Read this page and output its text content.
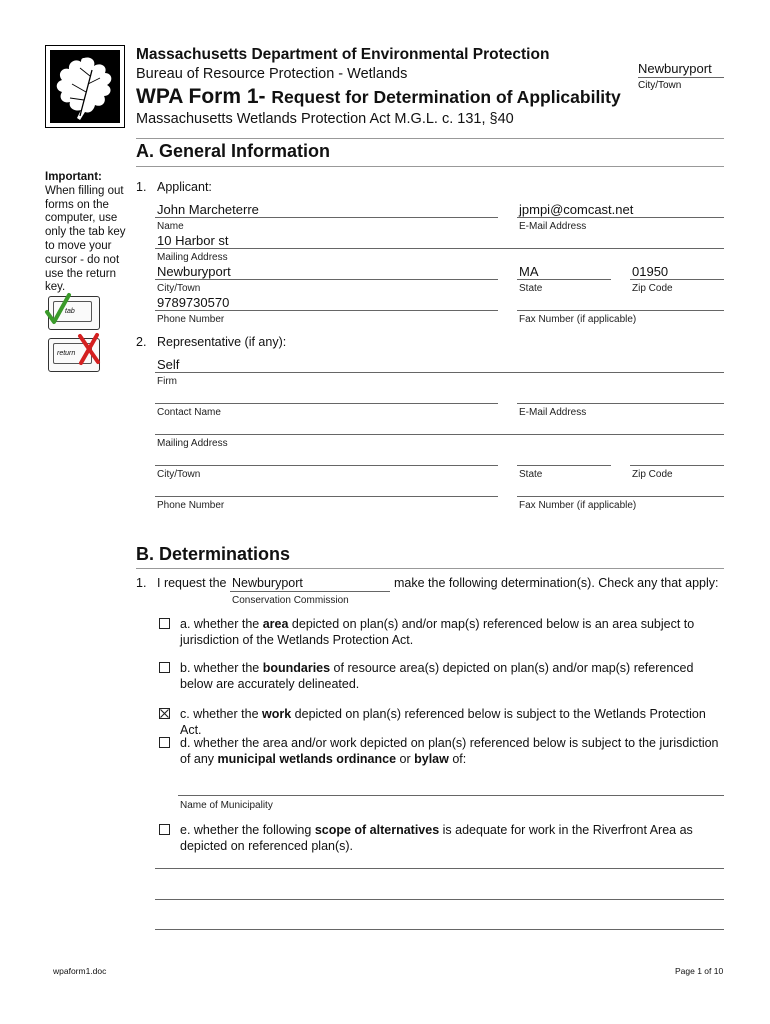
Massachusetts Department of Environmental Protection
Bureau of Resource Protection - Wetlands
WPA Form 1- Request for Determination of Applicability
Massachusetts Wetlands Protection Act M.G.L. c. 131, §40
Newburyport
City/Town
A. General Information
Important:
When filling out forms on the computer, use only the tab key to move your cursor - do not use the return key.
tab
return
1. Applicant:
John Marcheterre
Name
jpmpi@comcast.net
E-Mail Address
10 Harbor st
Mailing Address
Newburyport
City/Town
MA
State
01950
Zip Code
9789730570
Phone Number	Fax Number (if applicable)
2. Representative (if any):
Self
Firm
Contact Name	E-Mail Address
Mailing Address
City/Town	State	Zip Code
Phone Number	Fax Number (if applicable)
B. Determinations
1. I request the Newburyport	make the following determination(s). Check any that apply:
Conservation Commission
a. whether the area depicted on plan(s) and/or map(s) referenced below is an area subject to jurisdiction of the Wetlands Protection Act.
b. whether the boundaries of resource area(s) depicted on plan(s) and/or map(s) referenced below are accurately delineated.
c. whether the work depicted on plan(s) referenced below is subject to the Wetlands Protection Act.
d. whether the area and/or work depicted on plan(s) referenced below is subject to the jurisdiction of any municipal wetlands ordinance or bylaw of:
Name of Municipality
e. whether the following scope of alternatives is adequate for work in the Riverfront Area as depicted on referenced plan(s).
wpaform1.doc	Page 1 of 10
